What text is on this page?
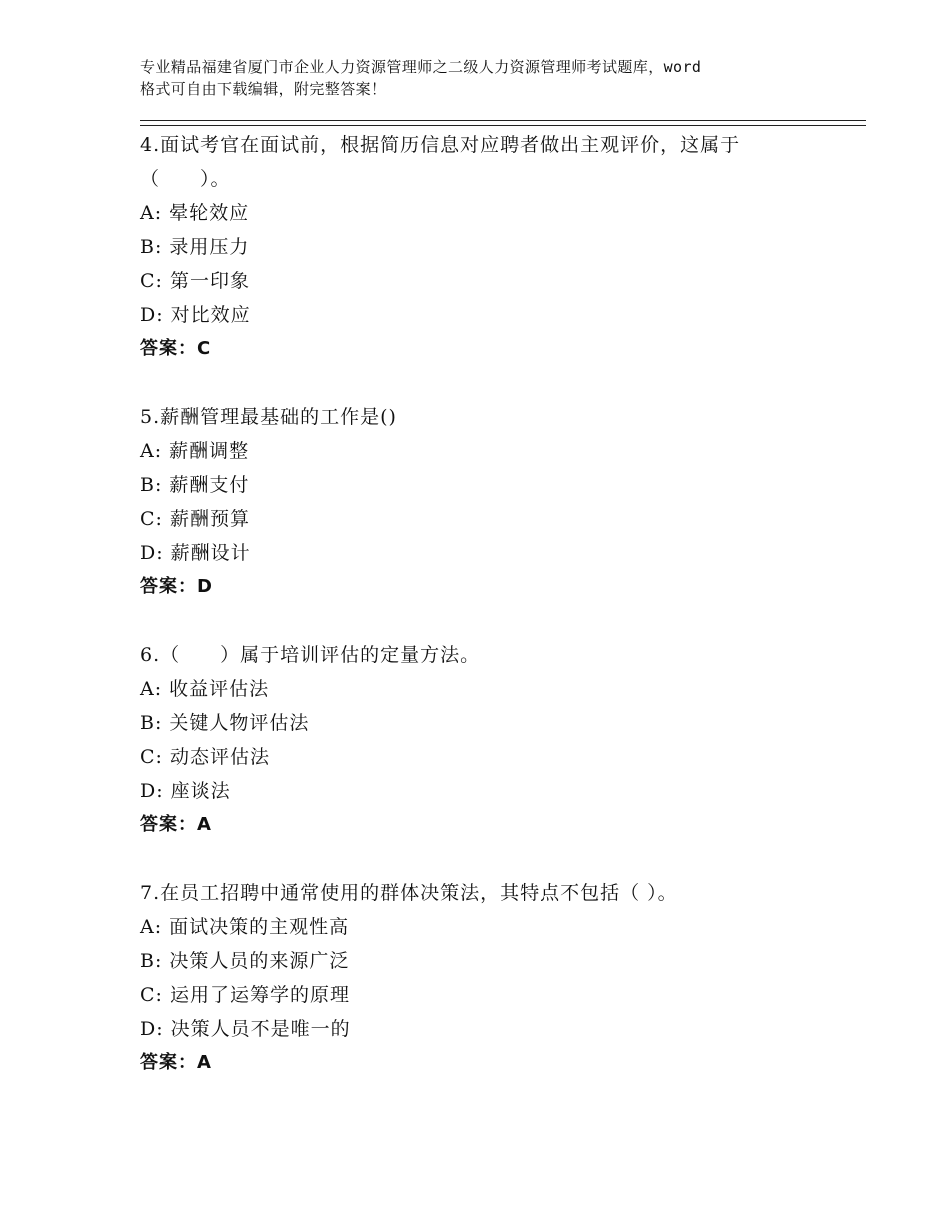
专业精品福建省厦门市企业人力资源管理师之二级人力资源管理师考试题库，word
格式可自由下载编辑，附完整答案！
4.面试考官在面试前，根据简历信息对应聘者做出主观评价，这属于
（　　）。
A: 晕轮效应
B: 录用压力
C: 第一印象
D: 对比效应
答案：C
5.薪酬管理最基础的工作是()
A: 薪酬调整
B: 薪酬支付
C: 薪酬预算
D: 薪酬设计
答案：D
6.（　　）属于培训评估的定量方法。
A: 收益评估法
B: 关键人物评估法
C: 动态评估法
D: 座谈法
答案：A
7.在员工招聘中通常使用的群体决策法，其特点不包括（ ）。
A: 面试决策的主观性高
B: 决策人员的来源广泛
C: 运用了运筹学的原理
D: 决策人员不是唯一的
答案：A
